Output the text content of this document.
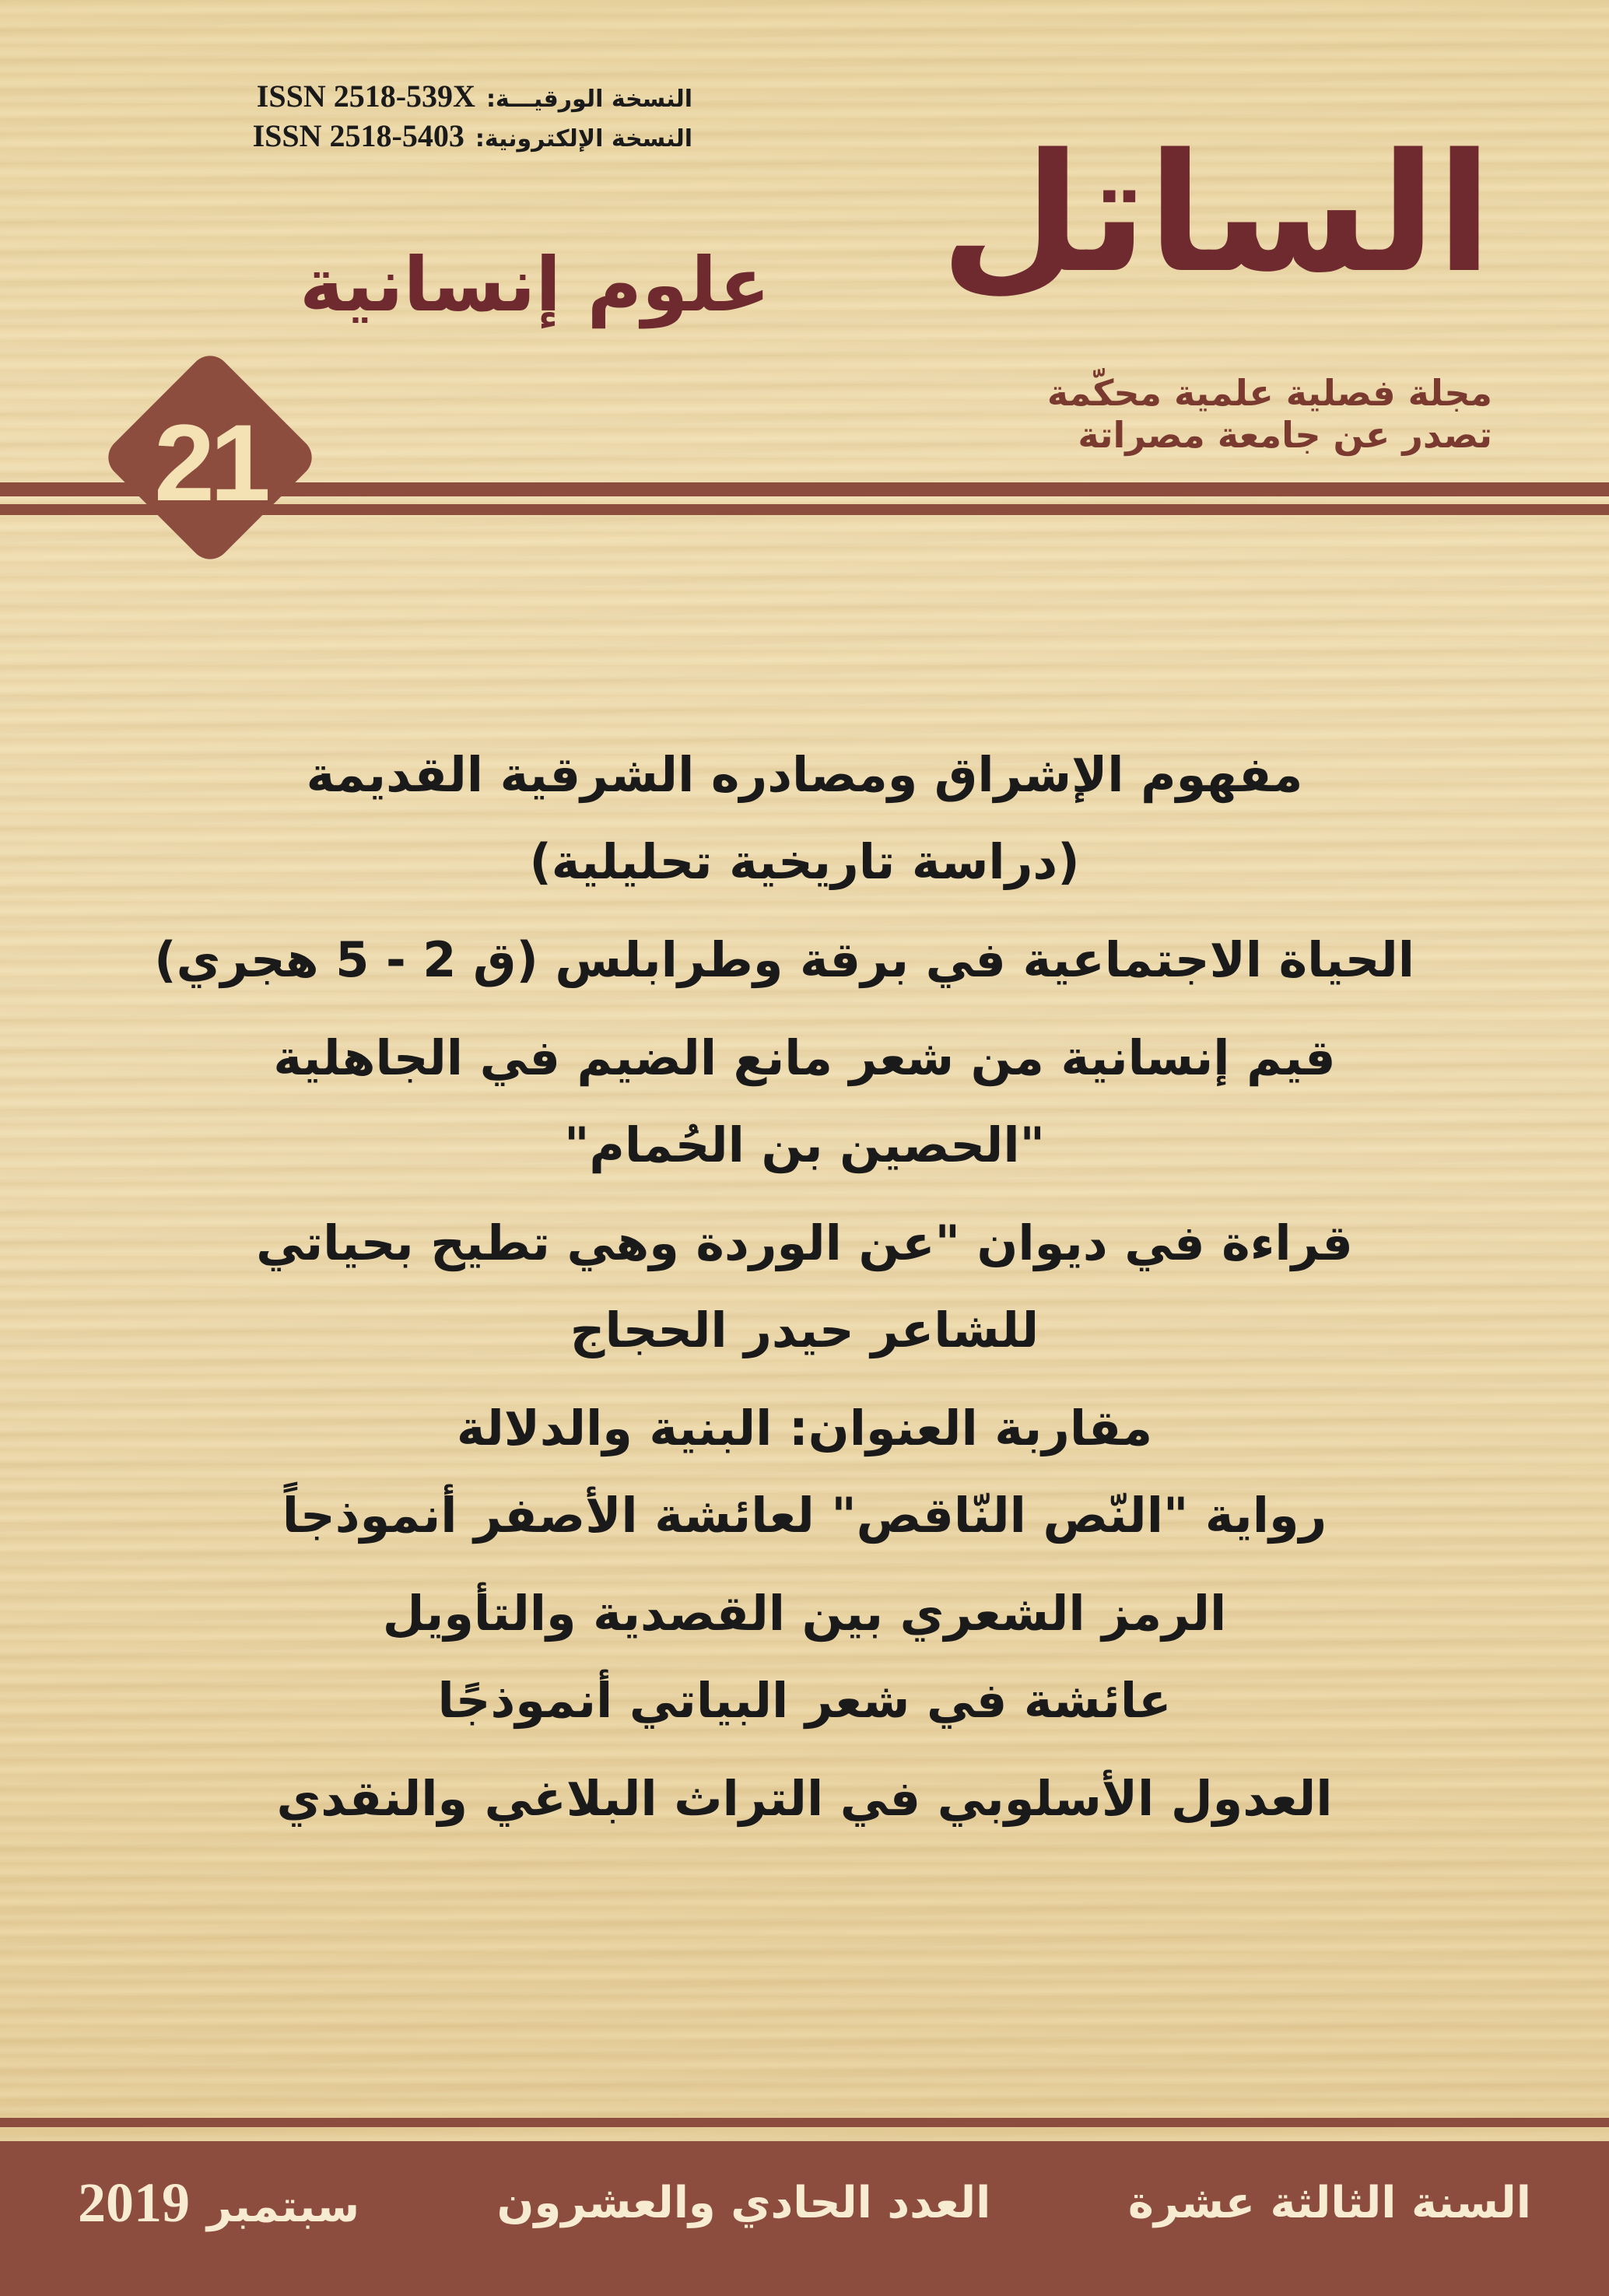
النسخة الورقيـــة:
ISSN 2518-539X
النسخة الإلكترونية:
ISSN 2518-5403	الساتل
علوم إنسانية
مجلة فصلية علمية محكّمة
تصدر عن جامعة مصراتة
21
مفهوم الإشراق ومصادره الشرقية القديمة
(دراسة تاريخية تحليلية)
الحياة الاجتماعية في برقة وطرابلس (ق 2 - 5 هجري)
قيم إنسانية من شعر مانع الضيم في الجاهلية
"الحصين بن الحُمام"
قراءة في ديوان "عن الوردة وهي تطيح بحياتي
للشاعر حيدر الحجاج
مقاربة العنوان: البنية والدلالة
رواية "النّص النّاقص" لعائشة الأصفر أنموذجاً
الرمز الشعري بين القصدية والتأويل
عائشة في شعر البياتي أنموذجًا
العدول الأسلوبي في التراث البلاغي والنقدي
السنة الثالثة عشرة
العدد الحادي والعشرون
سبتمبر
2019
